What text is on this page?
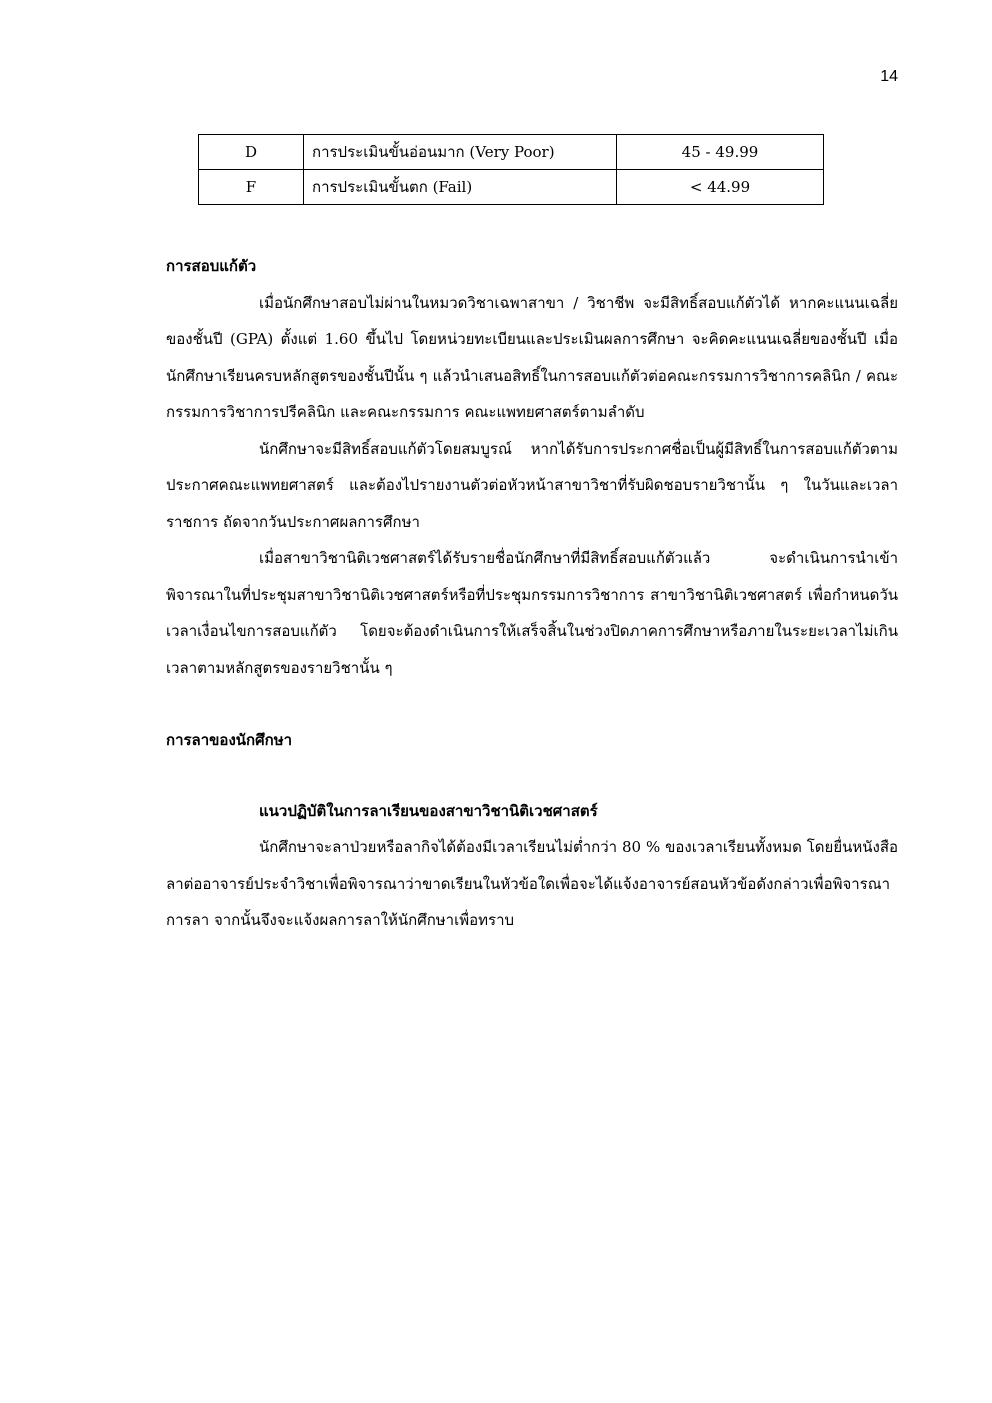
14
D	การประเมินขั้นอ่อนมาก (Very Poor)	45 - 49.99
F	การประเมินขั้นตก (Fail)	< 44.99

การสอบแก้ตัว

เมื่อนักศึกษาสอบไม่ผ่านในหมวดวิชาเฉพาสาขา / วิชาชีพ จะมีสิทธิ์สอบแก้ตัวได้ หากคะแนนเฉลี่ยของชั้นปี (GPA) ตั้งแต่ 1.60 ขึ้นไป โดยหน่วยทะเบียนและประเมินผลการศึกษา จะคิดคะแนนเฉลี่ยของชั้นปี เมื่อนักศึกษาเรียนครบหลักสูตรของชั้นปีนั้น ๆ แล้วนำเสนอสิทธิ์ในการสอบแก้ตัวต่อคณะกรรมการวิชาการคลินิก / คณะกรรมการวิชาการปรีคลินิก และคณะกรรมการ คณะแพทยศาสตร์ตามลำดับ

นักศึกษาจะมีสิทธิ์สอบแก้ตัวโดยสมบูรณ์ หากได้รับการประกาศชื่อเป็นผู้มีสิทธิ์ในการสอบแก้ตัวตามประกาศคณะแพทยศาสตร์ และต้องไปรายงานตัวต่อหัวหน้าสาขาวิชาที่รับผิดชอบรายวิชานั้น ๆ ในวันและเวลาราชการ ถัดจากวันประกาศผลการศึกษา

เมื่อสาขาวิชานิติเวชศาสตร์ได้รับรายชื่อนักศึกษาที่มีสิทธิ์สอบแก้ตัวแล้ว จะดำเนินการนำเข้าพิจารณาในที่ประชุมสาขาวิชานิติเวชศาสตร์หรือที่ประชุมกรรมการวิชาการ สาขาวิชานิติเวชศาสตร์ เพื่อกำหนดวันเวลาเงื่อนไขการสอบแก้ตัว โดยจะต้องดำเนินการให้เสร็จสิ้นในช่วงปิดภาคการศึกษาหรือภายในระยะเวลาไม่เกินเวลาตามหลักสูตรของรายวิชานั้น ๆ

การลาของนักศึกษา

แนวปฏิบัติในการลาเรียนของสาขาวิชานิติเวชศาสตร์

นักศึกษาจะลาป่วยหรือลากิจได้ต้องมีเวลาเรียนไม่ต่ำกว่า 80 % ของเวลาเรียนทั้งหมด โดยยื่นหนังสือลาต่ออาจารย์ประจำวิชาเพื่อพิจารณาว่าขาดเรียนในหัวข้อใดเพื่อจะได้แจ้งอาจารย์สอนหัวข้อดังกล่าวเพื่อพิจารณาการลา จากนั้นจึงจะแจ้งผลการลาให้นักศึกษาเพื่อทราบ
